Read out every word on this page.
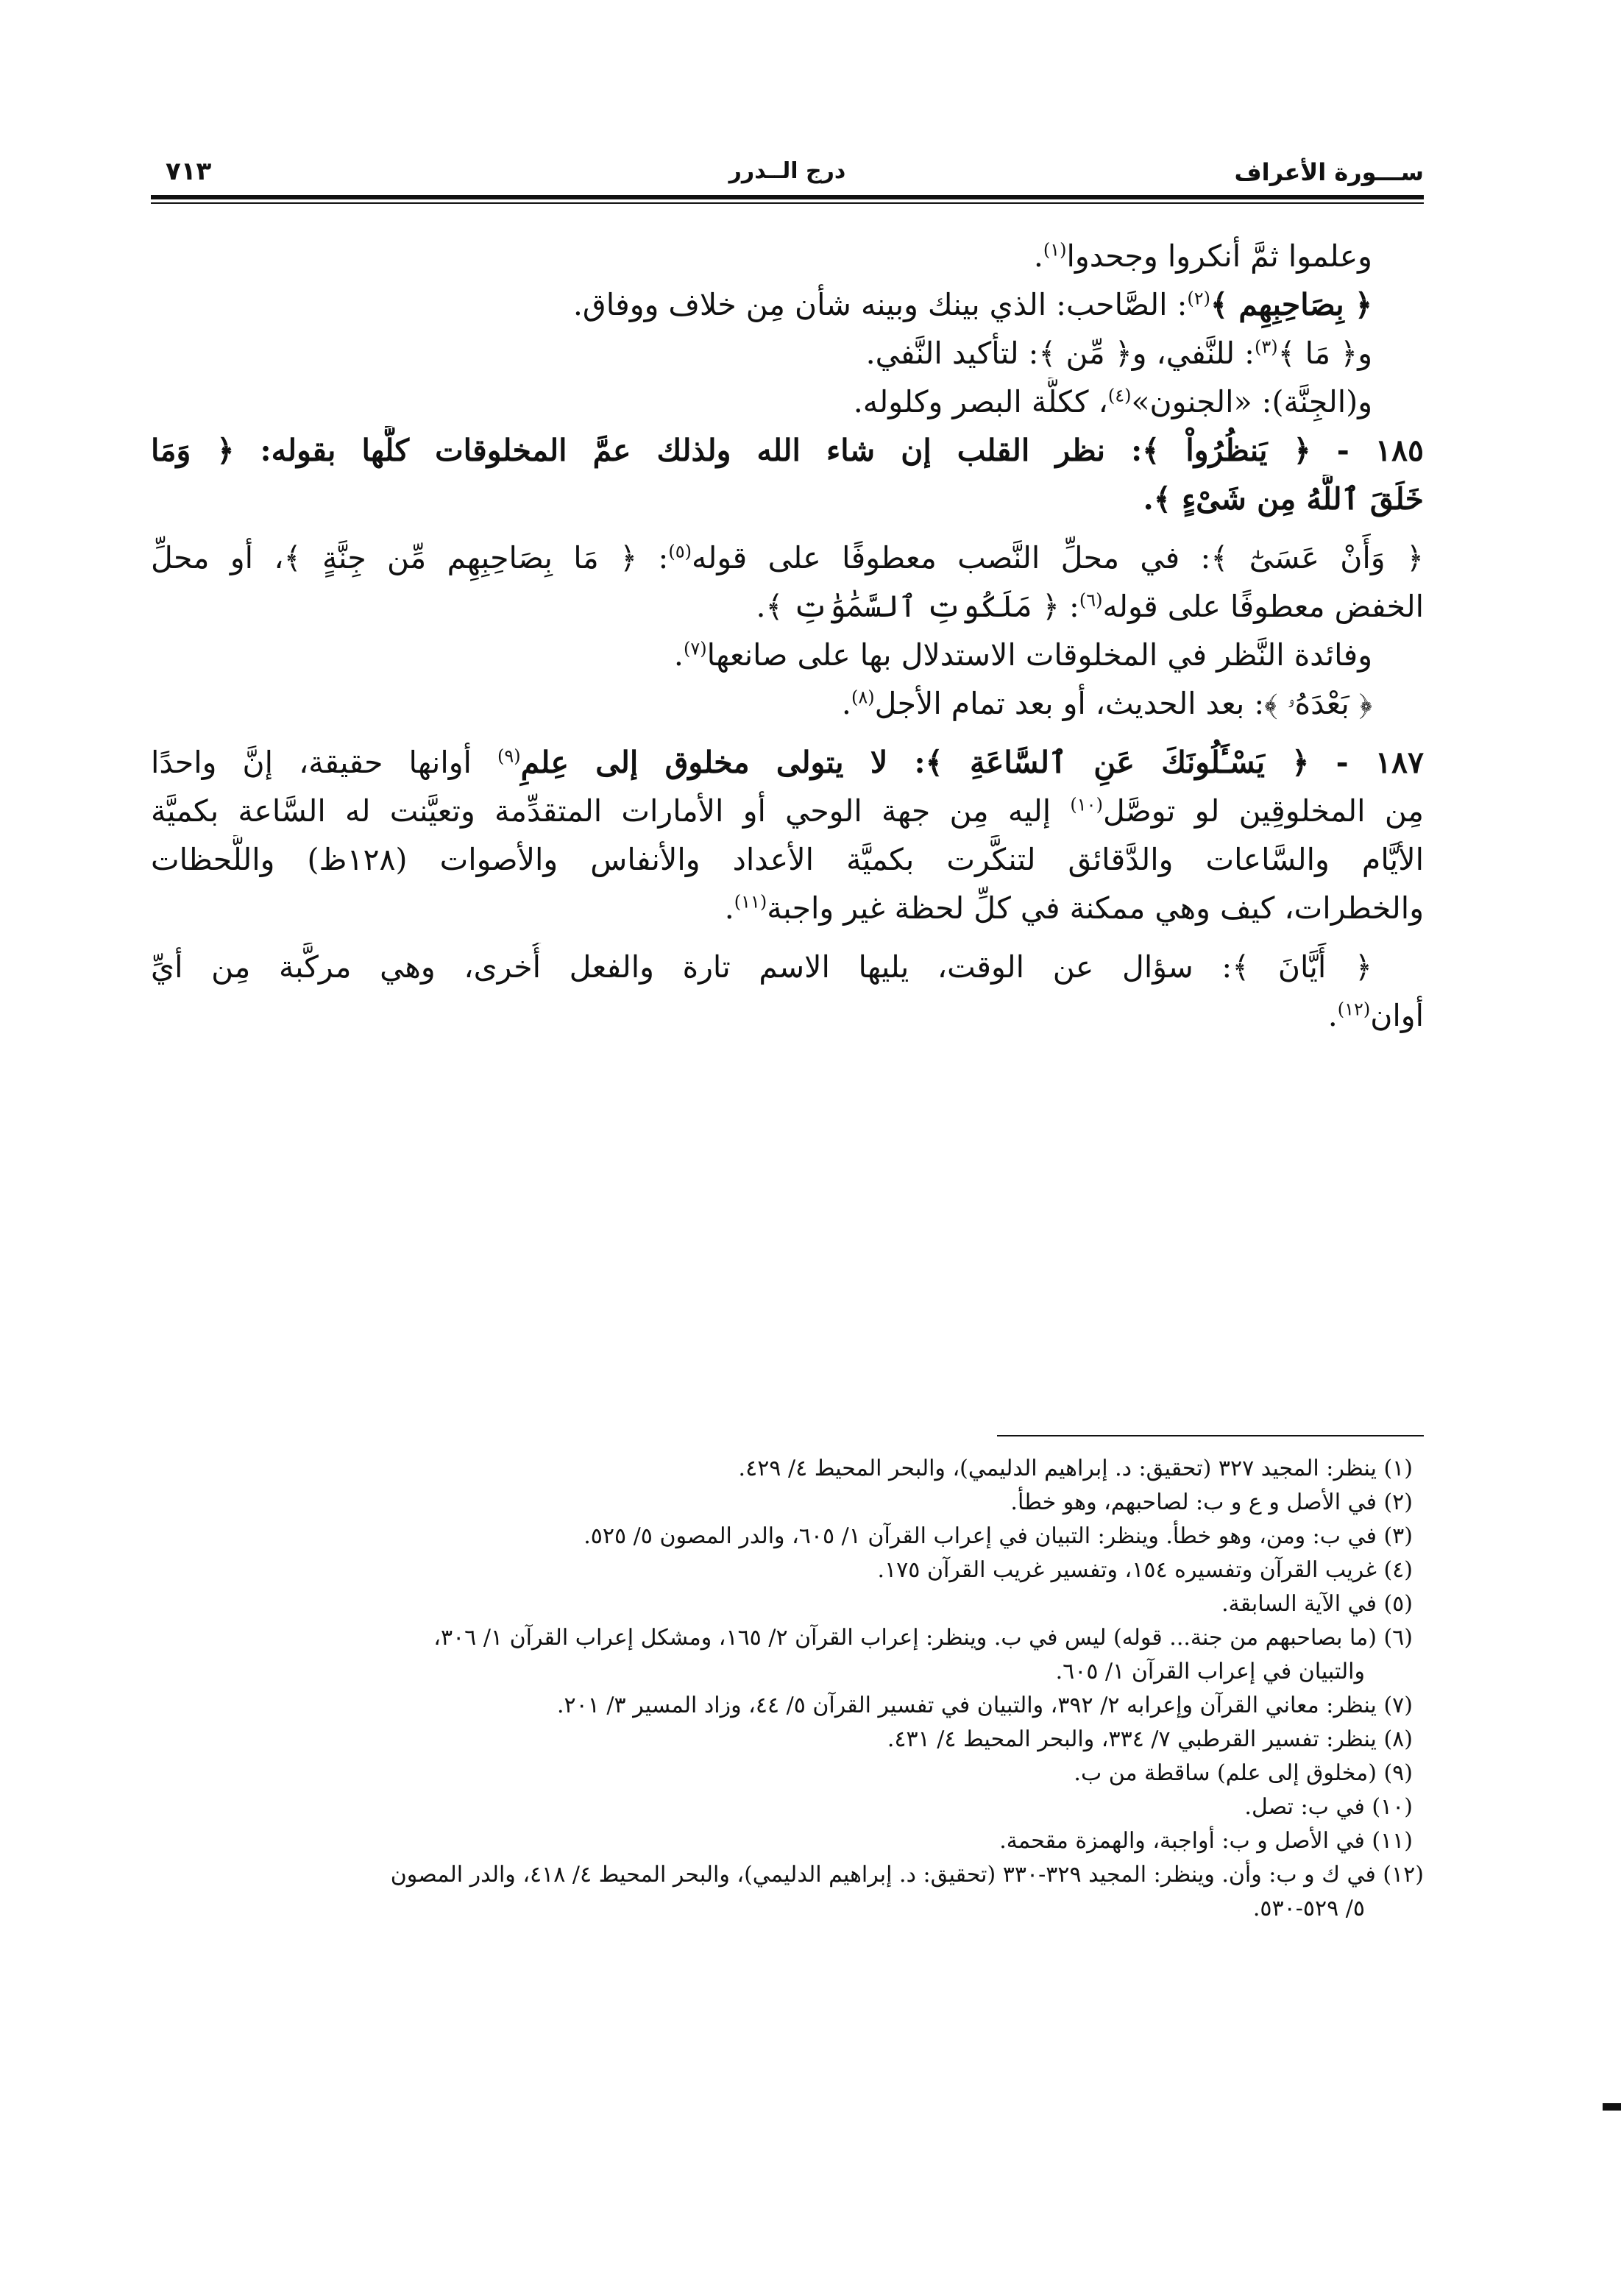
ســـورة الأعراف
درج الــدرر
٧١٣
وعلموا ثمَّ أنكروا وجحدوا$^{(١)}$.
﴿ بِصَاحِبِهِم ﴾$^{(٢)}$: الصَّاحب: الذي بينك وبينه شأن مِن خلاف ووفاق.
و﴿ مَا ﴾$^{(٣)}$: للنَّفي، و﴿ مِّن ﴾: لتأكيد النَّفي.
و(الجِنَّة): «الجنون»$^{(٤)}$، ككلَّة البصر وكلوله.
١٨٥ - ﴿ يَنظُرُواْ ﴾: نظر القلب إن شاء الله ولذلك عمَّ المخلوقات كلَّها بقوله: ﴿ وَمَا
خَلَقَ ٱللَّهُ مِن شَىْءٍ ﴾.
﴿ وَأَنْ عَسَىٰٓ ﴾: في محلِّ النَّصب معطوفًا على قوله$^{(٥)}$: ﴿ مَا بِصَاحِبِهِم مِّن جِنَّةٍ ﴾، أو محلِّ
الخفض معطوفًا على قوله$^{(٦)}$: ﴿ مَلَكُوتِ ٱلسَّمَٰوَٰتِ ﴾.
وفائدة النَّظر في المخلوقات الاستدلال بها على صانعها$^{(٧)}$.
﴿ بَعْدَهُۥ ﴾: بعد الحديث، أو بعد تمام الأجل$^{(٨)}$.
١٨٧ - ﴿ يَسْـَٔلُونَكَ عَنِ ٱلسَّاعَةِ ﴾: لا يتولى مخلوق إلى عِلمِ$^{(٩)}$ أوانها حقيقة، إنَّ واحدًا
مِن المخلوقِين لو توصَّل$^{(١٠)}$ إليه مِن جهة الوحي أو الأمارات المتقدِّمة وتعيَّنت له السَّاعة بكميَّة
الأيَّام والسَّاعات والدَّقائق لتنكَّرت بكميَّة الأعداد والأنفاس والأصوات (١٢٨ظ) واللَّحظات
والخطرات، كيف وهي ممكنة في كلِّ لحظة غير واجبة$^{(١١)}$.
﴿ أَيَّانَ ﴾: سؤال عن الوقت، يليها الاسم تارة والفعل أُخرى، وهي مركَّبة مِن أيِّ
أوان$^{(١٢)}$.
(١) ينظر: المجيد ٣٢٧ (تحقيق: د. إبراهيم الدليمي)، والبحر المحيط ٤/ ٤٢٩.
(٢) في الأصل و ع و ب: لصاحبهم، وهو خطأ.
(٣) في ب: ومن، وهو خطأ. وينظر: التبيان في إعراب القرآن ١/ ٦٠٥، والدر المصون ٥/ ٥٢٥.
(٤) غريب القرآن وتفسيره ١٥٤، وتفسير غريب القرآن ١٧٥.
(٥) في الآية السابقة.
(٦) (ما بصاحبهم من جنة... قوله) ليس في ب. وينظر: إعراب القرآن ٢/ ١٦٥، ومشكل إعراب القرآن ١/ ٣٠٦،
والتبيان في إعراب القرآن ١/ ٦٠٥.
(٧) ينظر: معاني القرآن وإعرابه ٢/ ٣٩٢، والتبيان في تفسير القرآن ٥/ ٤٤، وزاد المسير ٣/ ٢٠١.
(٨) ينظر: تفسير القرطبي ٧/ ٣٣٤، والبحر المحيط ٤/ ٤٣١.
(٩) (مخلوق إلى علم) ساقطة من ب.
(١٠) في ب: تصل.
(١١) في الأصل و ب: أواجبة، والهمزة مقحمة.
(١٢) في ك و ب: وأن. وينظر: المجيد ٣٢٩-٣٣٠ (تحقيق: د. إبراهيم الدليمي)، والبحر المحيط ٤/ ٤١٨، والدر المصون
٥/ ٥٢٩-٥٣٠.
